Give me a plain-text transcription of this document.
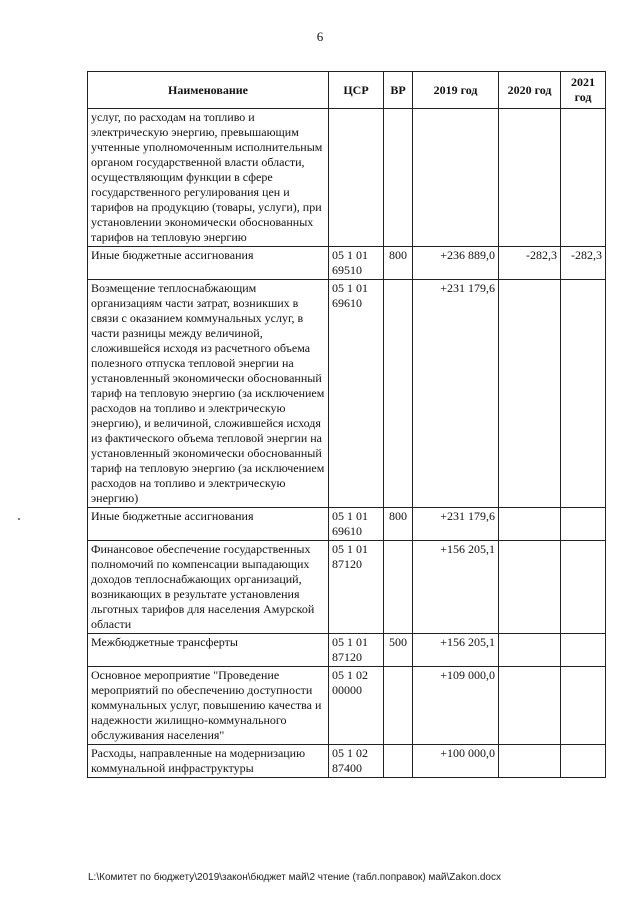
6
Наименование	ЦСР	ВР	2019 год	2020 год	2021 год
услуг, по расходам на топливо и электрическую энергию, превышающим учтенные уполномоченным исполнительным органом государственной власти области, осуществляющим функции в сфере государственного регулирования цен и тарифов на продукцию (товары, услуги), при установлении экономически обоснованных тарифов на тепловую энергию					
Иные бюджетные ассигнования	05 1 01 69510	800	+236 889,0	-282,3	-282,3
Возмещение теплоснабжающим организациям части затрат, возникших в связи с оказанием коммунальных услуг, в части разницы между величиной, сложившейся исходя из расчетного объема полезного отпуска тепловой энергии на установленный экономически обоснованный тариф на тепловую энергию (за исключением расходов на топливо и электрическую энергию), и величиной, сложившейся исходя из фактического объема тепловой энергии на установленный экономически обоснованный тариф на тепловую энергию (за исключением расходов на топливо и электрическую энергию)	05 1 01 69610		+231 179,6		
Иные бюджетные ассигнования	05 1 01 69610	800	+231 179,6		
Финансовое обеспечение государственных полномочий по компенсации выпадающих доходов теплоснабжающих организаций, возникающих в результате установления льготных тарифов для населения Амурской области	05 1 01 87120		+156 205,1		
Межбюджетные трансферты	05 1 01 87120	500	+156 205,1		
Основное мероприятие "Проведение мероприятий по обеспечению доступности коммунальных услуг, повышению качества и надежности жилищно-коммунального обслуживания населения"	05 1 02 00000		+109 000,0		
Расходы, направленные на модернизацию коммунальной инфраструктуры	05 1 02 87400		+100 000,0		
L:\Комитет по бюджету\2019\закон\бюджет май\2 чтение (табл.поправок) май\Zakon.docx
